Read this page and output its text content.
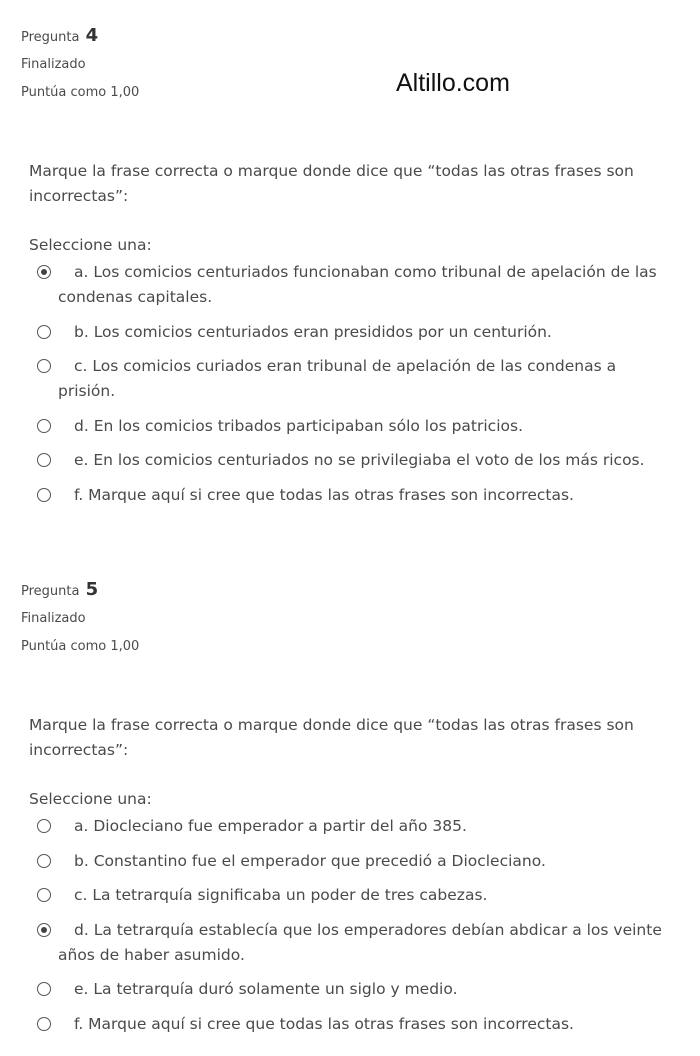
Altillo.com
Pregunta 4
Finalizado
Puntúa como 1,00
Marque la frase correcta o marque donde dice que “todas las otras frases son incorrectas”:
Seleccione una:
a. Los comicios centuriados funcionaban como tribunal de apelación de las condenas capitales.
b. Los comicios centuriados eran presididos por un centurión.
c. Los comicios curiados eran tribunal de apelación de las condenas a prisión.
d. En los comicios tribados participaban sólo los patricios.
e. En los comicios centuriados no se privilegiaba el voto de los más ricos.
f. Marque aquí si cree que todas las otras frases son incorrectas.
Pregunta 5
Finalizado
Puntúa como 1,00
Marque la frase correcta o marque donde dice que “todas las otras frases son incorrectas”:
Seleccione una:
a. Diocleciano fue emperador a partir del año 385.
b. Constantino fue el emperador que precedió a Diocleciano.
c. La tetrarquía significaba un poder de tres cabezas.
d. La tetrarquía establecía que los emperadores debían abdicar a los veinte años de haber asumido.
e. La tetrarquía duró solamente un siglo y medio.
f. Marque aquí si cree que todas las otras frases son incorrectas.
